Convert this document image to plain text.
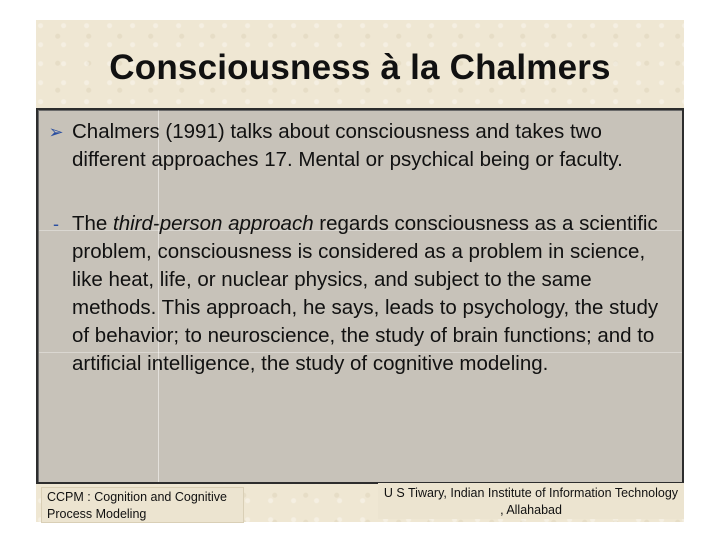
Consciousness à la Chalmers
➢ Chalmers (1991) talks about consciousness and takes two different approaches 17. Mental or psychical being or faculty.
- The third-person approach regards consciousness as a scientific problem, consciousness is considered as a problem in science, like heat, life, or nuclear physics, and subject to the same methods. This approach, he says, leads to psychology, the study of behavior; to neuroscience, the study of brain functions; and to artificial intelligence, the study of cognitive modeling.
CCPM : Cognition and Cognitive Process Modeling
U S Tiwary, Indian Institute of Information Technology , Allahabad
